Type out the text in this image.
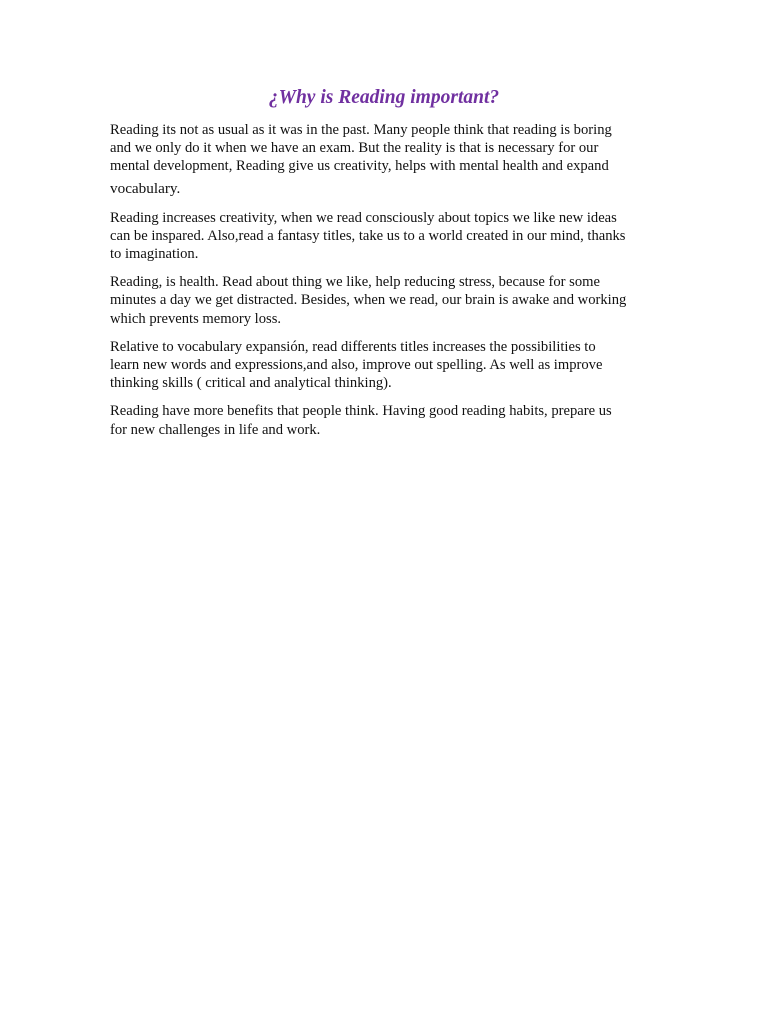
¿Why is Reading important?

Reading its not as usual as it was in the past. Many people think that reading is boring
and we only do it when we have an exam. But the reality is that is necessary for our
mental development, Reading give us creativity, helps with mental health and expand
vocabulary.

Reading increases creativity, when we read consciously about topics we like new ideas
can be inspared. Also,read a fantasy titles, take us to a world created in our mind, thanks
to imagination.

Reading, is health. Read about thing we like, help reducing stress, because for some
minutes a day we get distracted. Besides, when we read, our brain is awake and working
which prevents memory loss.

Relative to vocabulary expansión, read differents titles increases the possibilities to
learn new words and expressions,and also, improve out spelling. As well as improve
thinking skills ( critical and analytical thinking).

Reading have more benefits that people think. Having good reading habits, prepare us
for new challenges in life and work.
